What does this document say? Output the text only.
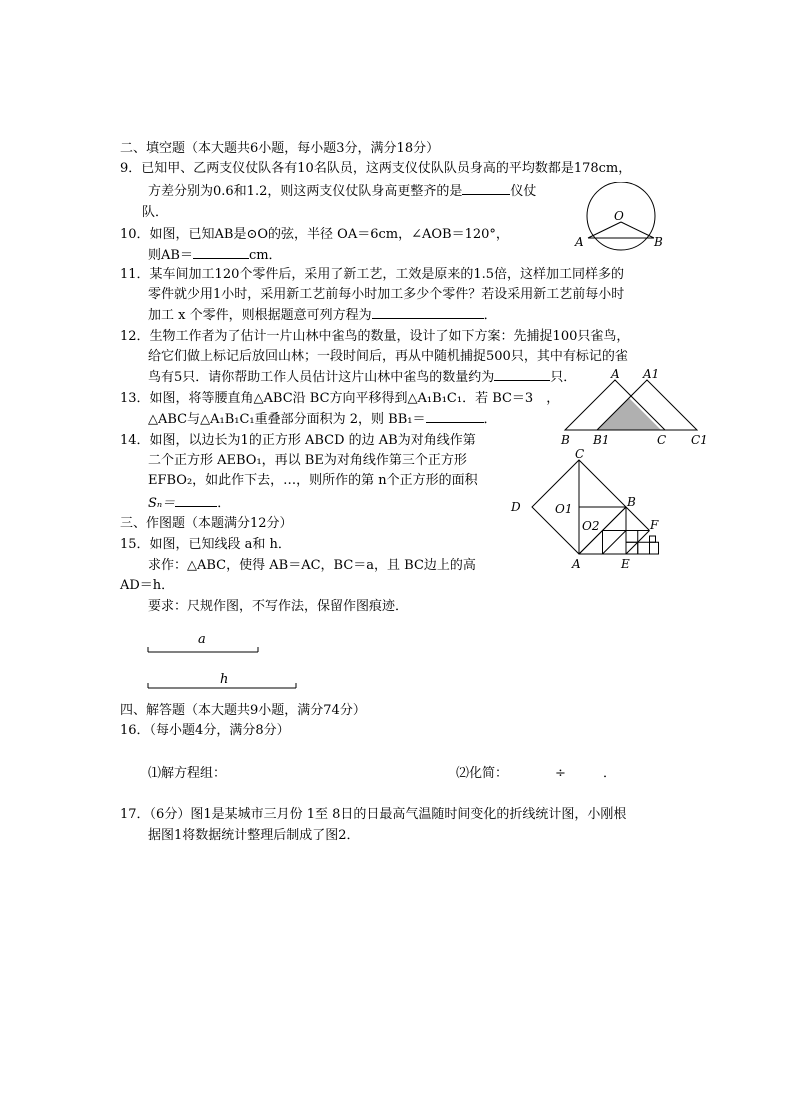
二、填空题（本大题共6小题，每小题3分，满分18分）
9．已知甲、乙两支仪仗队各有10名队员，这两支仪仗队队员身高的平均数都是178cm，
方差分别为0.6和1.2，则这两支仪仗队身高更整齐的是	仪仗
队．
10．如图，已知AB是⊙O的弦，半径 OA＝6cm，∠AOB＝120°，
则AB＝	cm．
11．某车间加工120个零件后，采用了新工艺，工效是原来的1.5倍，这样加工同样多的
零件就少用1小时，采用新工艺前每小时加工多少个零件？若设采用新工艺前每小时
加工 x 个零件，则根据题意可列方程为	．
12．生物工作者为了估计一片山林中雀鸟的数量，设计了如下方案：先捕捉100只雀鸟，
给它们做上标记后放回山林；一段时间后，再从中随机捕捉500只，其中有标记的雀
鸟有5只．请你帮助工作人员估计这片山林中雀鸟的数量约为	只．
13．如图，将等腰直角△ABC沿 BC方向平移得到△A₁B₁C₁．若 BC＝3　，
△ABC与△A₁B₁C₁重叠部分面积为 2，则 BB₁＝	．
14．如图，以边长为1的正方形 ABCD 的边 AB为对角线作第
二个正方形 AEBO₁，再以 BE为对角线作第三个正方形
EFBO₂，如此作下去，…，则所作的第 n个正方形的面积
Sₙ＝	．
三、作图题（本题满分12分）
15．如图，已知线段 a和 h．
求作：△ABC，使得 AB＝AC，BC＝a，且 BC边上的高
AD＝h．
要求：尺规作图，不写作法，保留作图痕迹．
a
h
四、解答题（本大题共9小题，满分74分）
16．（每小题4分，满分8分）
⑴解方程组：	⑵化简：	÷	．
17．（6分）图1是某城市三月份 1至 8日的日最高气温随时间变化的折线统计图，小刚根
据图1将数据统计整理后制成了图2．
O
A	B
A A1
B B1	C C1
C
B
D	O1
O2	F
A	E
